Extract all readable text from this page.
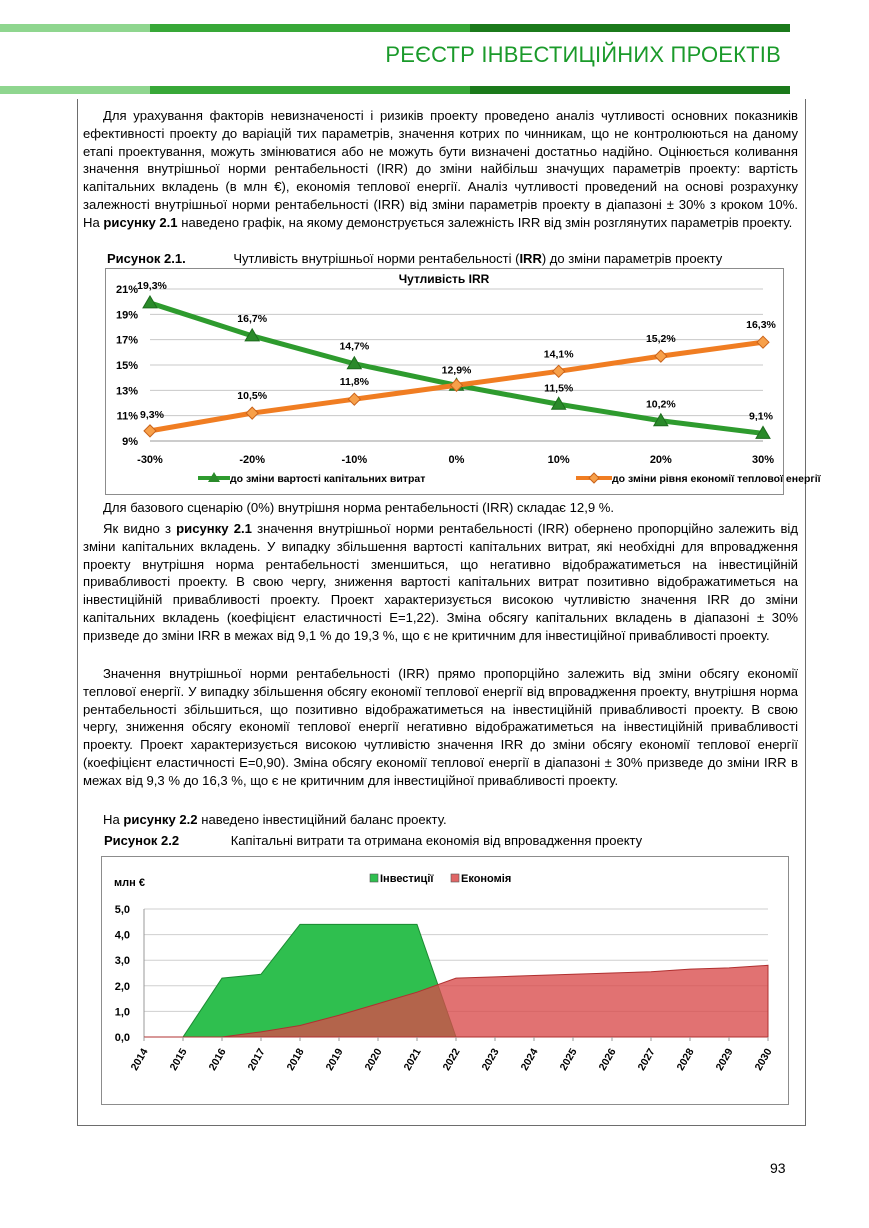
РЕЄСТР ІНВЕСТИЦІЙНИХ ПРОЕКТІВ
Для урахування факторів невизначеності і ризиків проекту проведено аналіз чутливості основних показників ефективності проекту до варіацій тих параметрів, значення котрих по чинникам, що не контролюються на даному етапі проектування, можуть змінюватися або не можуть бути визначені достатньо надійно. Оцінюється коливання значення внутрішньої норми рентабельності (IRR) до зміни найбільш значущих параметрів проекту: вартість капітальних вкладень (в млн €), економія теплової енергії. Аналіз чутливості проведений на основі розрахунку залежності внутрішньої норми рентабельності (IRR) від зміни параметрів проекту в діапазоні ± 30% з кроком 10%. На рисунку 2.1 наведено графік, на якому демонструється залежність IRR від змін розглянутих параметрів проекту.
Рисунок 2.1.	Чутливість внутрішньої норми рентабельності (IRR) до зміни параметрів проекту
Чутливість IRR
9%
11%
13%
15%
17%
19%
21%
-30%	-20%	-10%	0%	10%	20%	30%
19,3%
16,7%
14,7%
12,9%
11,5%
10,2%
9,1%
9,3%
10,5%
11,8%
14,1%
15,2%
16,3%
до зміни вартості капітальних витрат	до зміни рівня економії теплової енергії
Для базового сценарію (0%) внутрішня норма рентабельності (IRR) складає 12,9 %.
Як видно з рисунку 2.1 значення внутрішньої норми рентабельності (IRR) обернено пропорційно залежить від зміни капітальних вкладень. У випадку збільшення вартості капітальних витрат, які необхідні для впровадження проекту внутрішня норма рентабельності зменшиться, що негативно відображатиметься на інвестиційній привабливості проекту. В свою чергу, зниження вартості капітальних витрат позитивно відображатиметься на інвестиційній привабливості проекту. Проект характеризується високою чутливістю значення IRR до зміни капітальних вкладень (коефіцієнт еластичності E=1,22). Зміна обсягу капітальних вкладень в діапазоні ± 30% призведе до зміни IRR в межах від 9,1 % до 19,3 %, що є не критичним для інвестиційної привабливості проекту.
Значення внутрішньої норми рентабельності (IRR) прямо пропорційно залежить від зміни обсягу економії теплової енергії. У випадку збільшення обсягу економії теплової енергії від впровадження проекту, внутрішня норма рентабельності збільшиться, що позитивно відображатиметься на інвестиційній привабливості проекту. В свою чергу, зниження обсягу економії теплової енергії негативно відображатиметься на інвестиційній привабливості проекту. Проект характеризується високою чутливістю значення IRR до зміни обсягу економії теплової енергії (коефіцієнт еластичності E=0,90). Зміна обсягу економії теплової енергії в діапазоні ± 30% призведе до зміни IRR в межах від 9,3 % до 16,3 %, що є не критичним для інвестиційної привабливості проекту.
На рисунку 2.2 наведено інвестиційний баланс проекту.
Рисунок 2.2	Капітальні витрати та отримана економія від впровадження проекту
млн €
0,0
1,0
2,0
3,0
4,0
5,0
2014 2015 2016 2017 2018 2019 2020 2021 2022 2023 2024 2025 2026 2027 2028 2029 2030
Інвестиції	Економія
93
